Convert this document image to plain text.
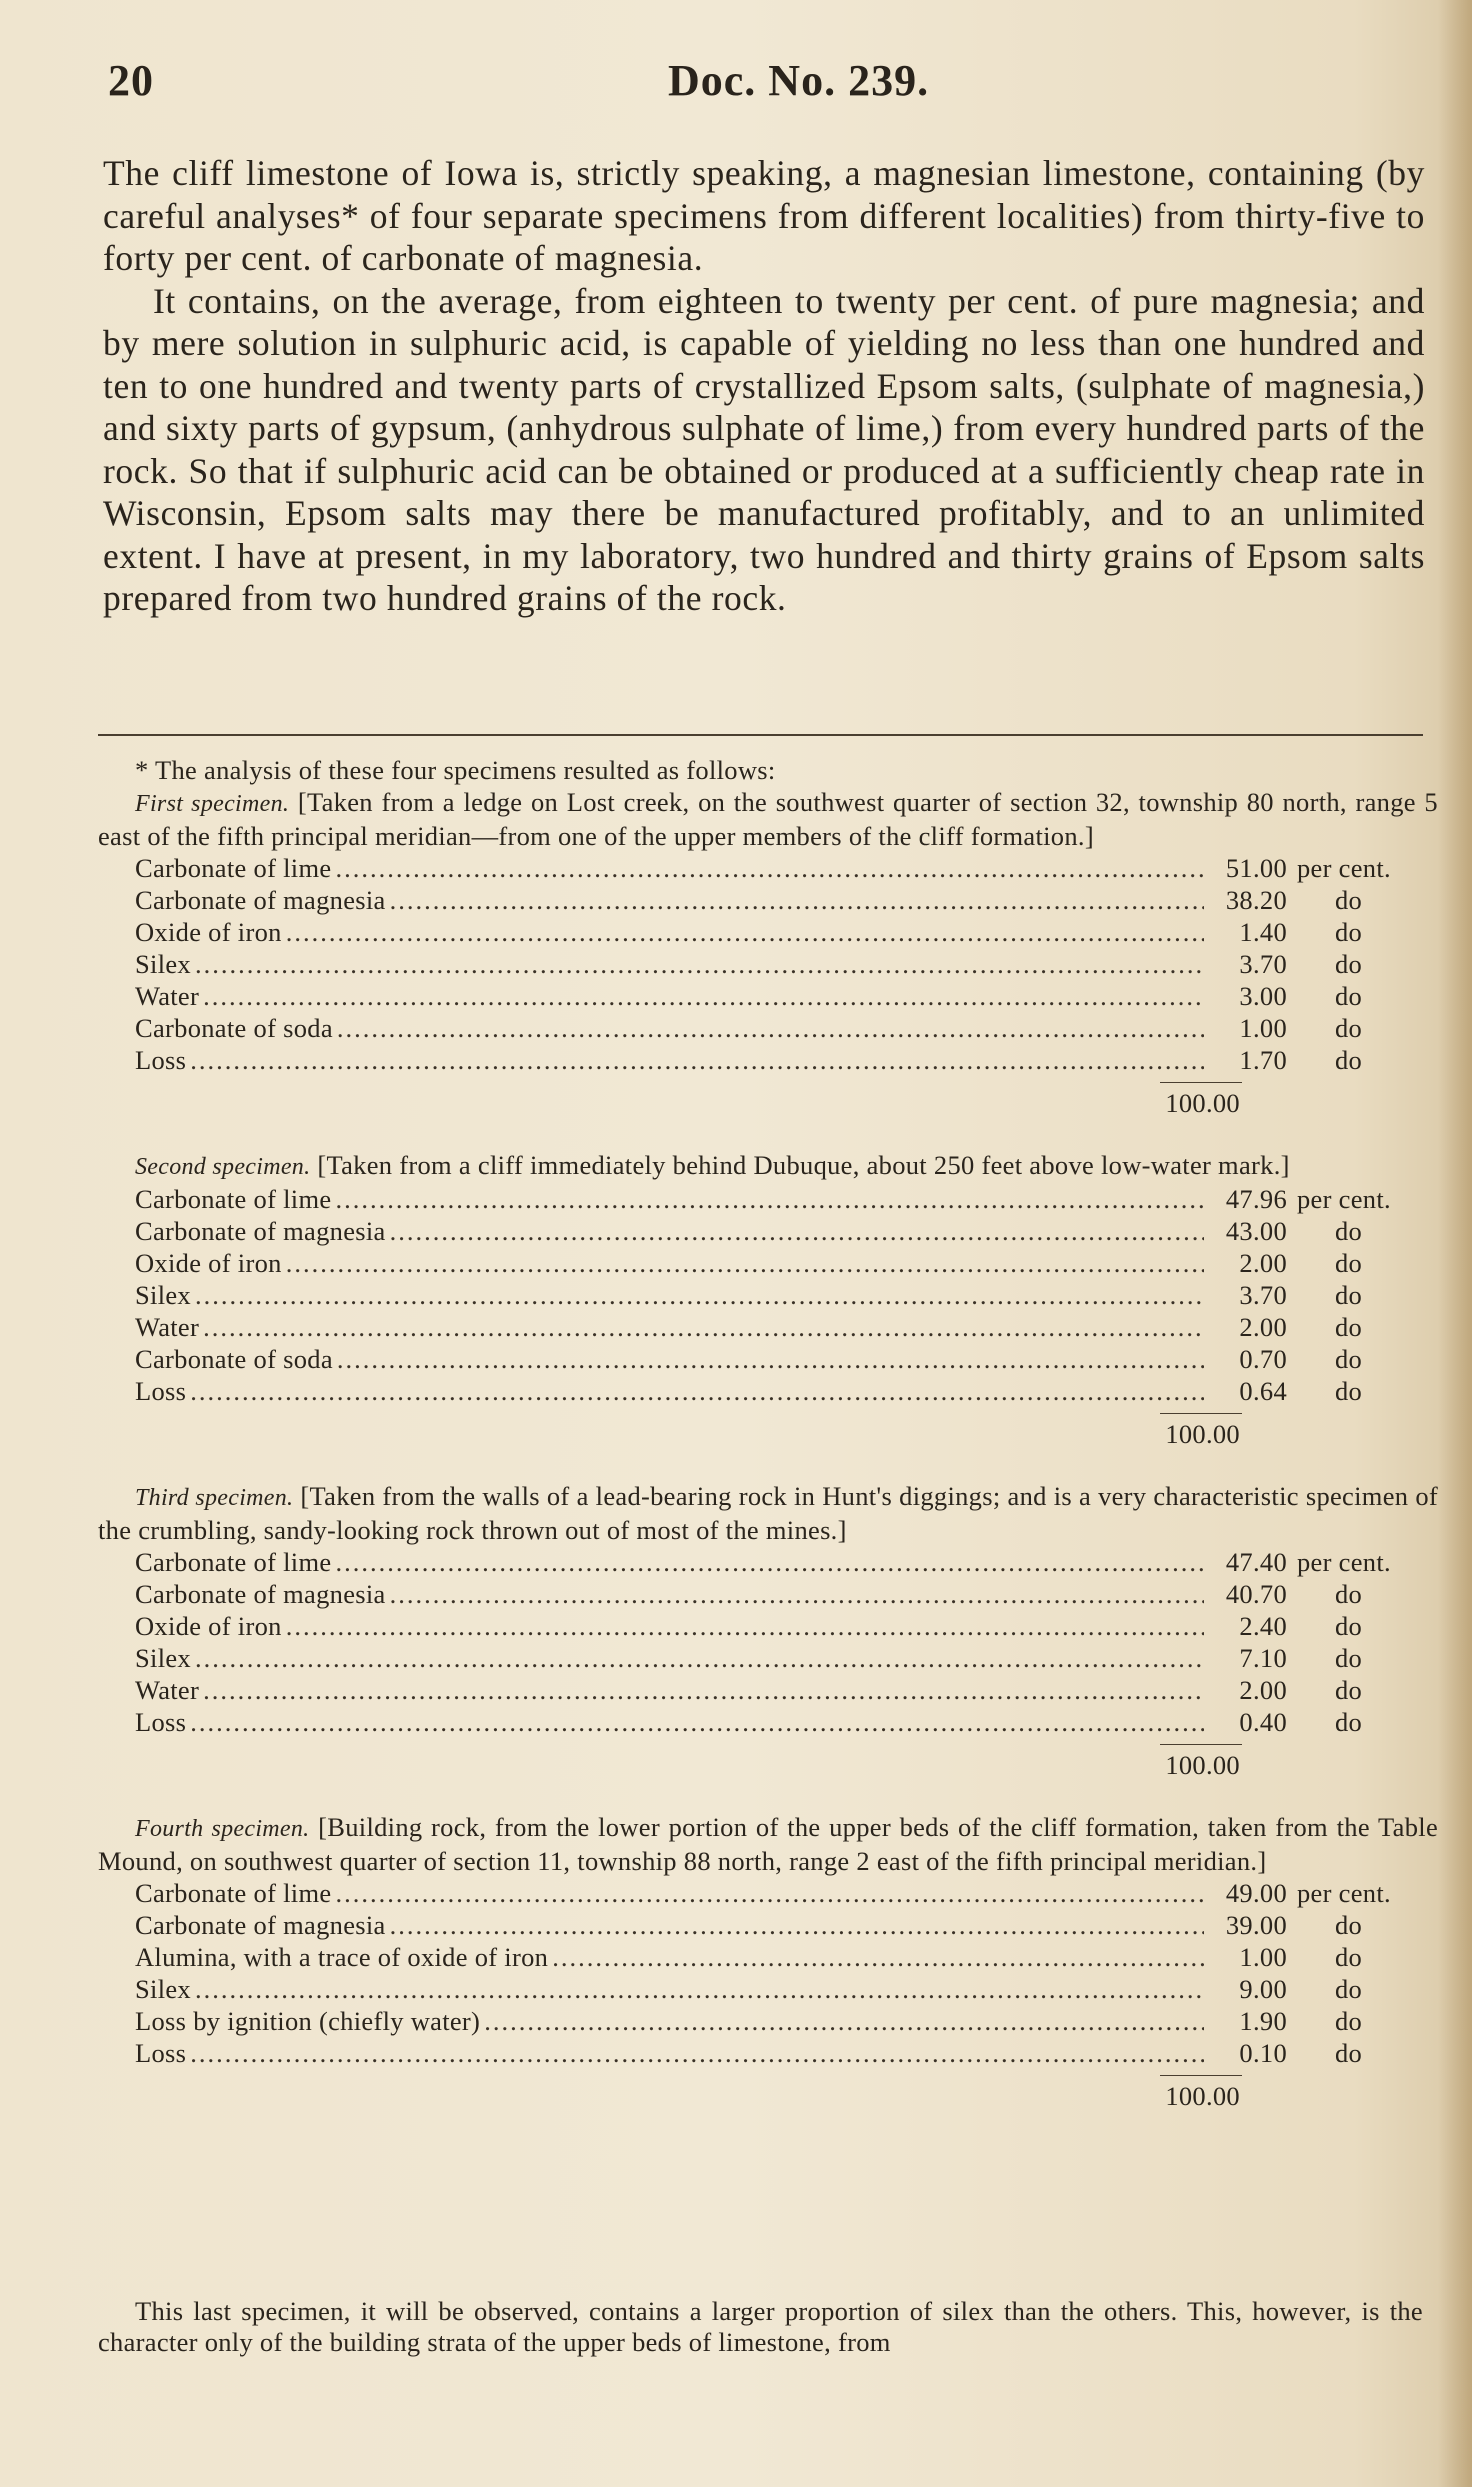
20	Doc. No. 239.

The cliff limestone of Iowa is, strictly speaking, a magnesian limestone, containing (by careful analyses* of four separate specimens from different localities) from thirty-five to forty per cent. of carbonate of magnesia.

It contains, on the average, from eighteen to twenty per cent. of pure magnesia; and by mere solution in sulphuric acid, is capable of yielding no less than one hundred and ten to one hundred and twenty parts of crystallized Epsom salts, (sulphate of magnesia,) and sixty parts of gypsum, (anhydrous sulphate of lime,) from every hundred parts of the rock. So that if sulphuric acid can be obtained or produced at a sufficiently cheap rate in Wisconsin, Epsom salts may there be manufactured profitably, and to an unlimited extent. I have at present, in my laboratory, two hundred and thirty grains of Epsom salts prepared from two hundred grains of the rock.

* The analysis of these four specimens resulted as follows:
First specimen. [Taken from a ledge on Lost creek, on the southwest quarter of section 32, township 80 north, range 5 east of the fifth principal meridian—from one of the upper members of the cliff formation.]
Carbonate of lime .....	51.00 per cent.
Carbonate of magnesia .....	38.20	do
Oxide of iron .....	1.40	do
Silex .....	3.70	do
Water .....	3.00	do
Carbonate of soda .....	1.00	do
Loss .....	1.70	do
100.00
Second specimen. [Taken from a cliff immediately behind Dubuque, about 250 feet above low-water mark.]
Carbonate of lime .....	47.96 per cent.
Carbonate of magnesia .....	43.00	do
Oxide of iron .....	2.00	do
Silex .....	3.70	do
Water .....	2.00	do
Carbonate of soda .....	0.70	do
Loss .....	0.64	do
100.00
Third specimen. [Taken from the walls of a lead-bearing rock in Hunt's diggings; and is a very characteristic specimen of the crumbling, sandy-looking rock thrown out of most of the mines.]
Carbonate of lime .....	47.40 per cent.
Carbonate of magnesia .....	40.70	do
Oxide of iron .....	2.40	do
Silex .....	7.10	do
Water .....	2.00	do
Loss .....	0.40	do
100.00
Fourth specimen. [Building rock, from the lower portion of the upper beds of the cliff formation, taken from the Table Mound, on southwest quarter of section 11, township 88 north, range 2 east of the fifth principal meridian.]
Carbonate of lime .....	49.00 per cent.
Carbonate of magnesia .....	39.00	do
Alumina, with a trace of oxide of iron .....	1.00	do
Silex .....	9.00	do
Loss by ignition (chiefly water) .....	1.90	do
Loss .....	0.10	do
100.00

This last specimen, it will be observed, contains a larger proportion of silex than the others. This, however, is the character only of the building strata of the upper beds of limestone, from
